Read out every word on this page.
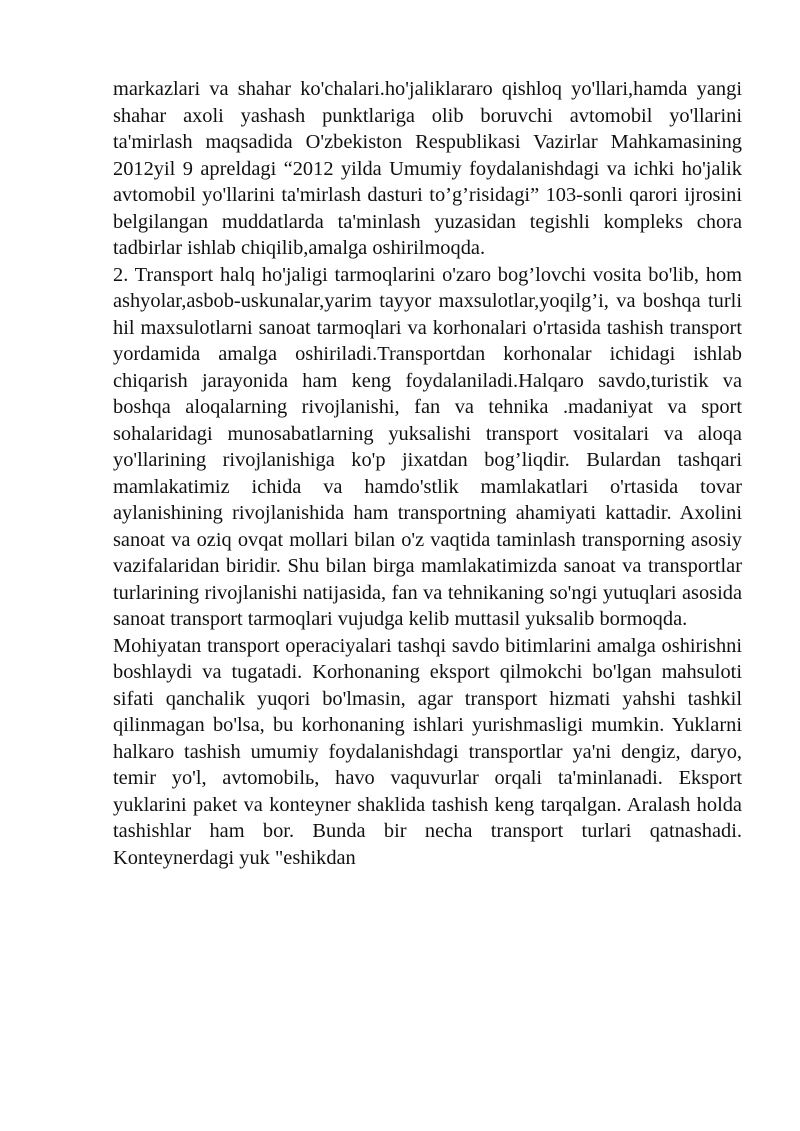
markazlari va shahar ko'chalari.ho'jaliklararo qishloq yo'llari,hamda yangi shahar axoli yashash punktlariga olib boruvchi avtomobil yo'llarini ta'mirlash maqsadida O'zbekiston Respublikasi Vazirlar Mahkamasining 2012yil 9 apreldagi “2012 yilda Umumiy foydalanishdagi va ichki ho'jalik avtomobil yo'llarini ta'mirlash dasturi to’g’risidagi” 103-sonli qarori ijrosini belgilangan muddatlarda ta'minlash yuzasidan tegishli kompleks chora tadbirlar ishlab chiqilib,amalga oshirilmoqda.

2. Transport halq ho'jaligi tarmoqlarini o'zaro bog’lovchi vosita bo'lib, hom ashyolar,asbob-uskunalar,yarim tayyor maxsulotlar,yoqilg’i, va boshqa turli hil maxsulotlarni sanoat tarmoqlari va korhonalari o'rtasida tashish transport yordamida amalga oshiriladi.Transportdan korhonalar ichidagi ishlab chiqarish jarayonida ham keng foydalaniladi.Halqaro savdo,turistik va boshqa aloqalarning rivojlanishi, fan va tehnika .madaniyat va sport sohalaridagi munosabatlarning yuksalishi transport vositalari va aloqa yo'llarining rivojlanishiga ko'p jixatdan bog’liqdir. Bulardan tashqari mamlakatimiz ichida va hamdo'stlik mamlakatlari o'rtasida tovar aylanishining rivojlanishida ham transportning ahamiyati kattadir. Axolini sanoat va oziq ovqat mollari bilan o'z vaqtida taminlash transporning asosiy vazifalaridan biridir. Shu bilan birga mamlakatimizda sanoat va transportlar turlarining rivojlanishi natijasida, fan va tehnikaning so'ngi yutuqlari asosida sanoat transport tarmoqlari vujudga kelib muttasil yuksalib bormoqda.

Mohiyatan transport operaciyalari tashqi savdo bitimlarini amalga oshirishni boshlaydi va tugatadi. Korhonaning eksport qilmokchi bo'lgan mahsuloti sifati qanchalik yuqori bo'lmasin, agar transport hizmati yahshi tashkil qilinmagan bo'lsa, bu korhonaning ishlari yurishmasligi mumkin. Yuklarni halkaro tashish umumiy foydalanishdagi transportlar ya'ni dengiz, daryo, temir yo'l, avtomobilь, havo vaquvurlar orqali ta'minlanadi. Eksport yuklarini paket va konteyner shaklida tashish keng tarqalgan. Aralash holda tashishlar ham bor. Bunda bir necha transport turlari qatnashadi. Konteynerdagi yuk "eshikdan
